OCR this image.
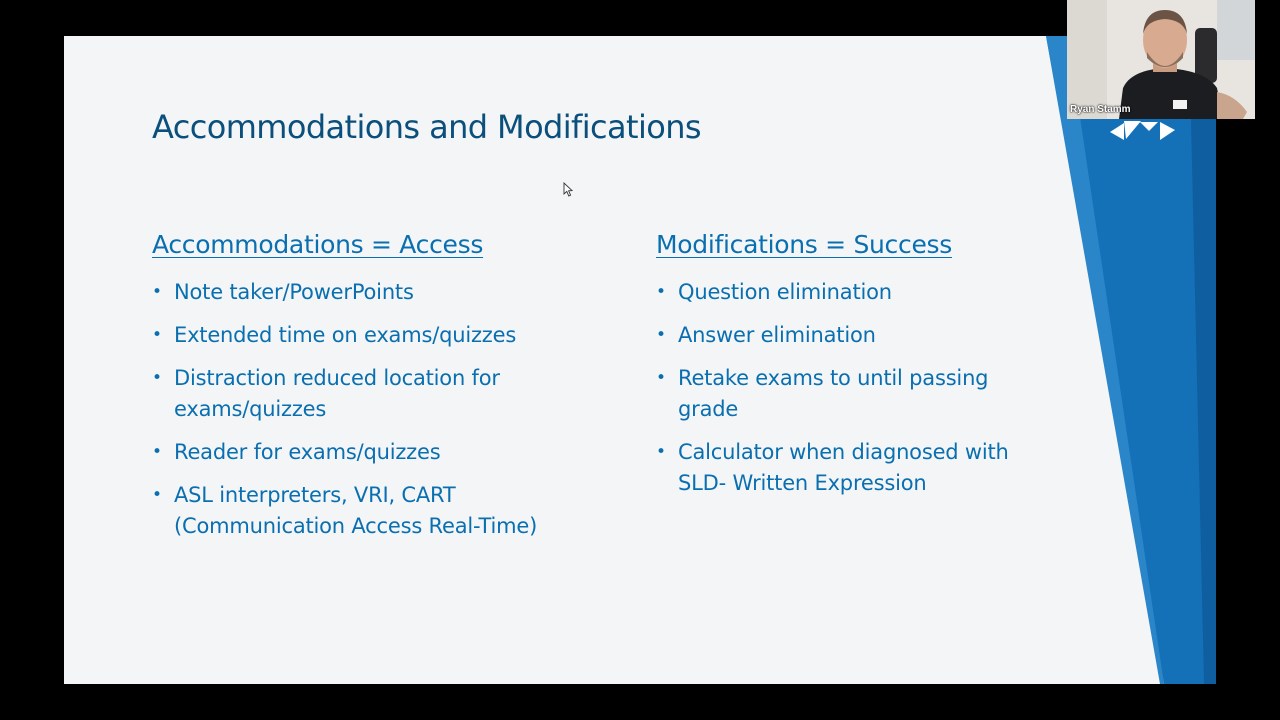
Accommodations and Modifications
Accommodations = Access
• Note taker/PowerPoints
• Extended time on exams/quizzes
• Distraction reduced location for exams/quizzes
• Reader for exams/quizzes
• ASL interpreters, VRI, CART (Communication Access Real-Time)
Modifications = Success
• Question elimination
• Answer elimination
• Retake exams to until passing grade
• Calculator when diagnosed with SLD- Written Expression
Ryan Stamm
